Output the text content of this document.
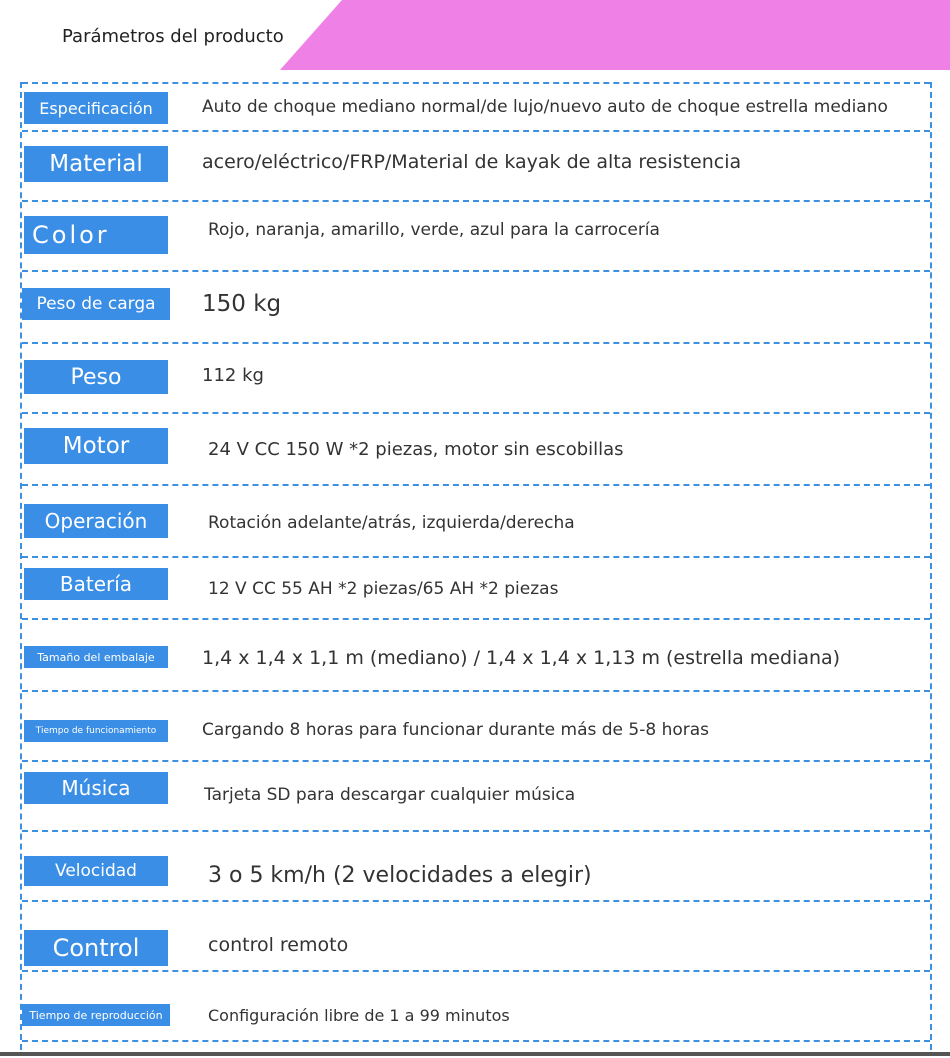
Parámetros del producto
Especificación	Auto de choque mediano normal/de lujo/nuevo auto de choque estrella mediano
Material	acero/eléctrico/FRP/Material de kayak de alta resistencia
Color	Rojo, naranja, amarillo, verde, azul para la carrocería
Peso de carga	150 kg
Peso	112 kg
Motor	24 V CC 150 W *2 piezas, motor sin escobillas
Operación	Rotación adelante/atrás, izquierda/derecha
Batería	12 V CC 55 AH *2 piezas/65 AH *2 piezas
Tamaño del embalaje	1,4 x 1,4 x 1,1 m (mediano) / 1,4 x 1,4 x 1,13 m (estrella mediana)
Tiempo de funcionamiento	Cargando 8 horas para funcionar durante más de 5-8 horas
Música	Tarjeta SD para descargar cualquier música
Velocidad	3 o 5 km/h (2 velocidades a elegir)
Control	control remoto
Tiempo de reproducción	Configuración libre de 1 a 99 minutos
